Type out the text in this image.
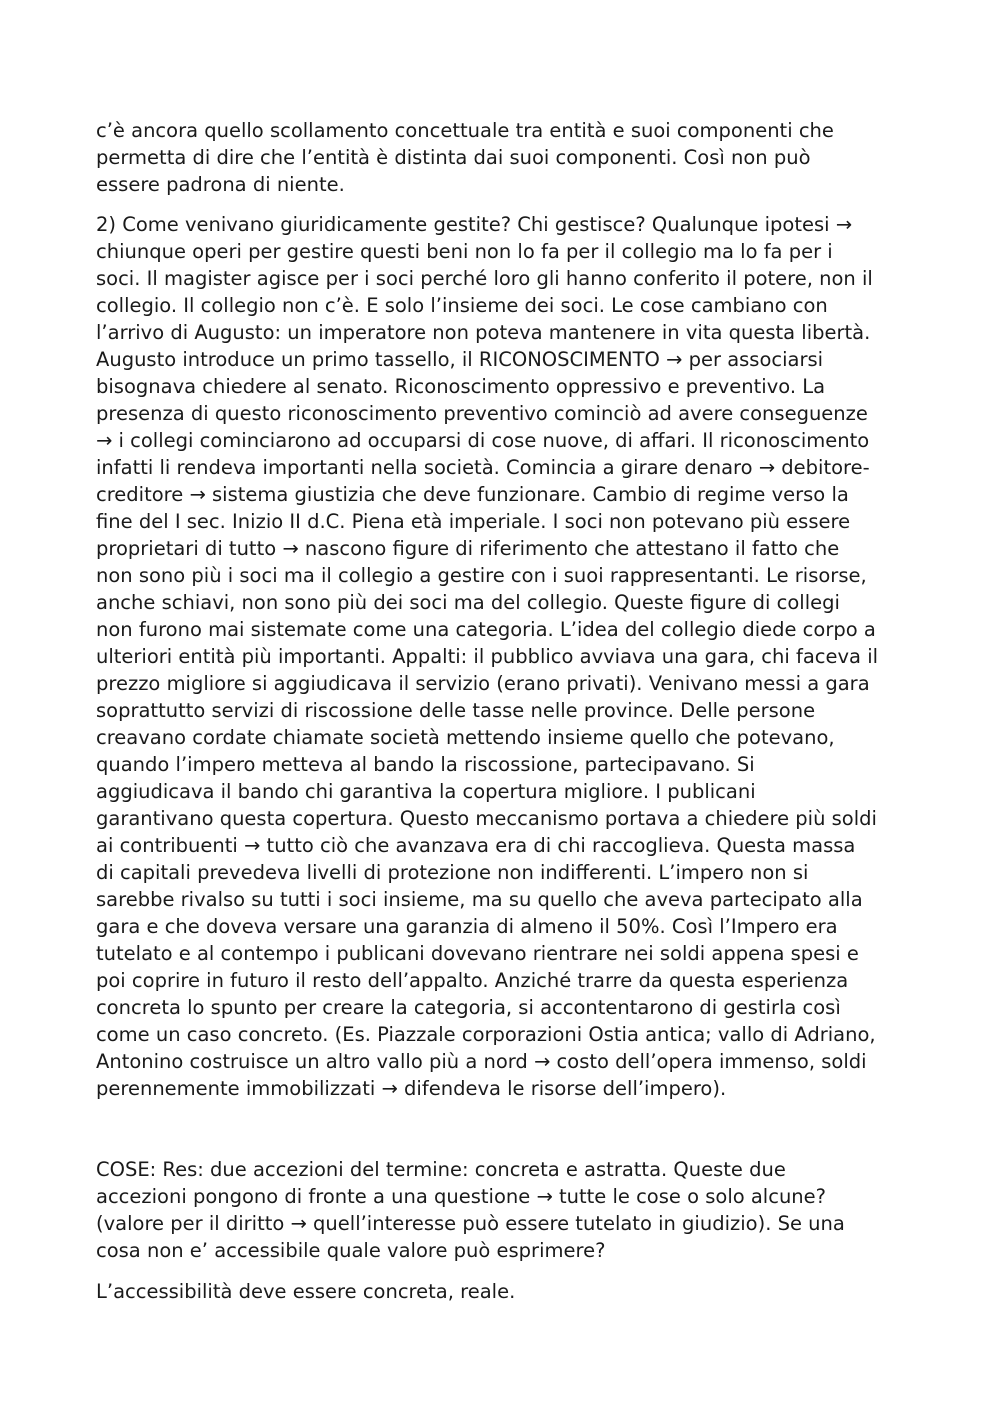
c’è ancora quello scollamento concettuale tra entità e suoi componenti che

permetta di dire che l’entità è distinta dai suoi componenti. Così non può

essere padrona di niente.

2) Come venivano giuridicamente gestite? Chi gestisce? Qualunque ipotesi →

chiunque operi per gestire questi beni non lo fa per il collegio ma lo fa per i

soci. Il magister agisce per i soci perché loro gli hanno conferito il potere, non il

collegio. Il collegio non c’è. E solo l’insieme dei soci. Le cose cambiano con

l’arrivo di Augusto: un imperatore non poteva mantenere in vita questa libertà.

Augusto introduce un primo tassello, il RICONOSCIMENTO → per associarsi

bisognava chiedere al senato. Riconoscimento oppressivo e preventivo. La

presenza di questo riconoscimento preventivo cominciò ad avere conseguenze

→ i collegi cominciarono ad occuparsi di cose nuove, di affari. Il riconoscimento

infatti li rendeva importanti nella società. Comincia a girare denaro → debitore-

creditore → sistema giustizia che deve funzionare. Cambio di regime verso la

fine del I sec. Inizio II d.C. Piena età imperiale. I soci non potevano più essere

proprietari di tutto → nascono figure di riferimento che attestano il fatto che

non sono più i soci ma il collegio a gestire con i suoi rappresentanti. Le risorse,

anche schiavi, non sono più dei soci ma del collegio. Queste figure di collegi

non furono mai sistemate come una categoria. L’idea del collegio diede corpo a

ulteriori entità più importanti. Appalti: il pubblico avviava una gara, chi faceva il

prezzo migliore si aggiudicava il servizio (erano privati). Venivano messi a gara

soprattutto servizi di riscossione delle tasse nelle province. Delle persone

creavano cordate chiamate società mettendo insieme quello che potevano,

quando l’impero metteva al bando la riscossione, partecipavano. Si

aggiudicava il bando chi garantiva la copertura migliore. I publicani

garantivano questa copertura. Questo meccanismo portava a chiedere più soldi

ai contribuenti → tutto ciò che avanzava era di chi raccoglieva. Questa massa

di capitali prevedeva livelli di protezione non indifferenti. L’impero non si

sarebbe rivalso su tutti i soci insieme, ma su quello che aveva partecipato alla

gara e che doveva versare una garanzia di almeno il 50%. Così l’Impero era

tutelato e al contempo i publicani dovevano rientrare nei soldi appena spesi e

poi coprire in futuro il resto dell’appalto. Anziché trarre da questa esperienza

concreta lo spunto per creare la categoria, si accontentarono di gestirla così

come un caso concreto. (Es. Piazzale corporazioni Ostia antica; vallo di Adriano,

Antonino costruisce un altro vallo più a nord → costo dell’opera immenso, soldi

perennemente immobilizzati → difendeva le risorse dell’impero).

COSE: Res: due accezioni del termine: concreta e astratta. Queste due

accezioni pongono di fronte a una questione → tutte le cose o solo alcune?

(valore per il diritto → quell’interesse può essere tutelato in giudizio). Se una

cosa non e’ accessibile quale valore può esprimere?

L’accessibilità deve essere concreta, reale.
